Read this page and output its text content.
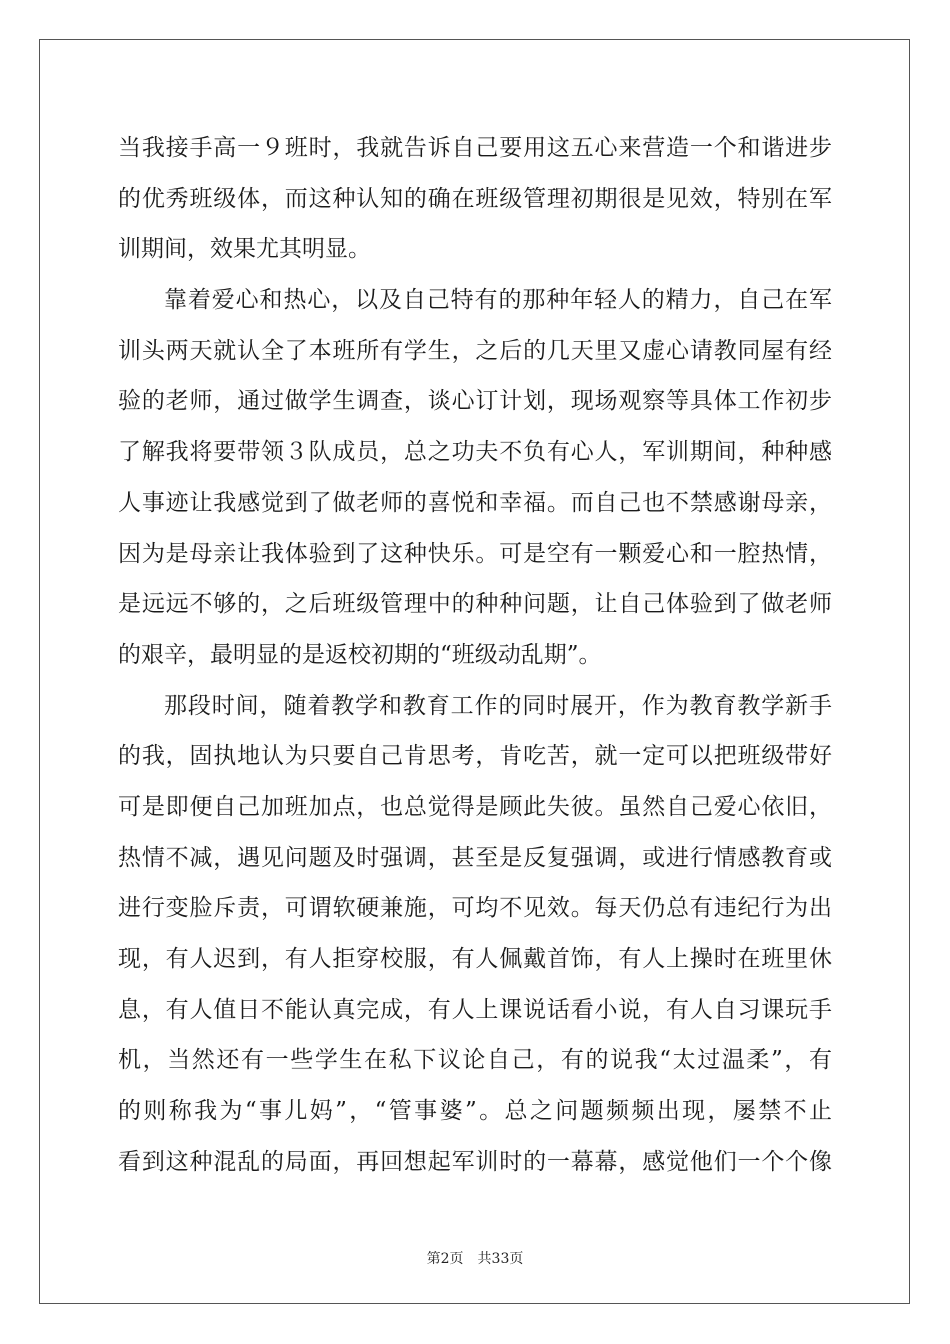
当我接手高一９班时，我就告诉自己要用这五心来营造一个和谐进步
的优秀班级体，而这种认知的确在班级管理初期很是见效，特别在军
训期间，效果尤其明显。
靠着爱心和热心，以及自己特有的那种年轻人的精力，自己在军
训头两天就认全了本班所有学生，之后的几天里又虚心请教同屋有经
验的老师，通过做学生调查，谈心订计划，现场观察等具体工作初步
了解我将要带领３队成员，总之功夫不负有心人，军训期间，种种感
人事迹让我感觉到了做老师的喜悦和幸福。而自己也不禁感谢母亲，
因为是母亲让我体验到了这种快乐。可是空有一颗爱心和一腔热情，
是远远不够的，之后班级管理中的种种问题，让自己体验到了做老师
的艰辛，最明显的是返校初期的“班级动乱期”。
那段时间，随着教学和教育工作的同时展开，作为教育教学新手
的我，固执地认为只要自己肯思考，肯吃苦，就一定可以把班级带好
可是即便自己加班加点，也总觉得是顾此失彼。虽然自己爱心依旧，
热情不减，遇见问题及时强调，甚至是反复强调，或进行情感教育或
进行变脸斥责，可谓软硬兼施，可均不见效。每天仍总有违纪行为出
现，有人迟到，有人拒穿校服，有人佩戴首饰，有人上操时在班里休
息，有人值日不能认真完成，有人上课说话看小说，有人自习课玩手
机，当然还有一些学生在私下议论自己，有的说我“太过温柔”，有
的则称我为“事儿妈”，“管事婆”。总之问题频频出现，屡禁不止
看到这种混乱的局面，再回想起军训时的一幕幕，感觉他们一个个像
第2页　共33页
